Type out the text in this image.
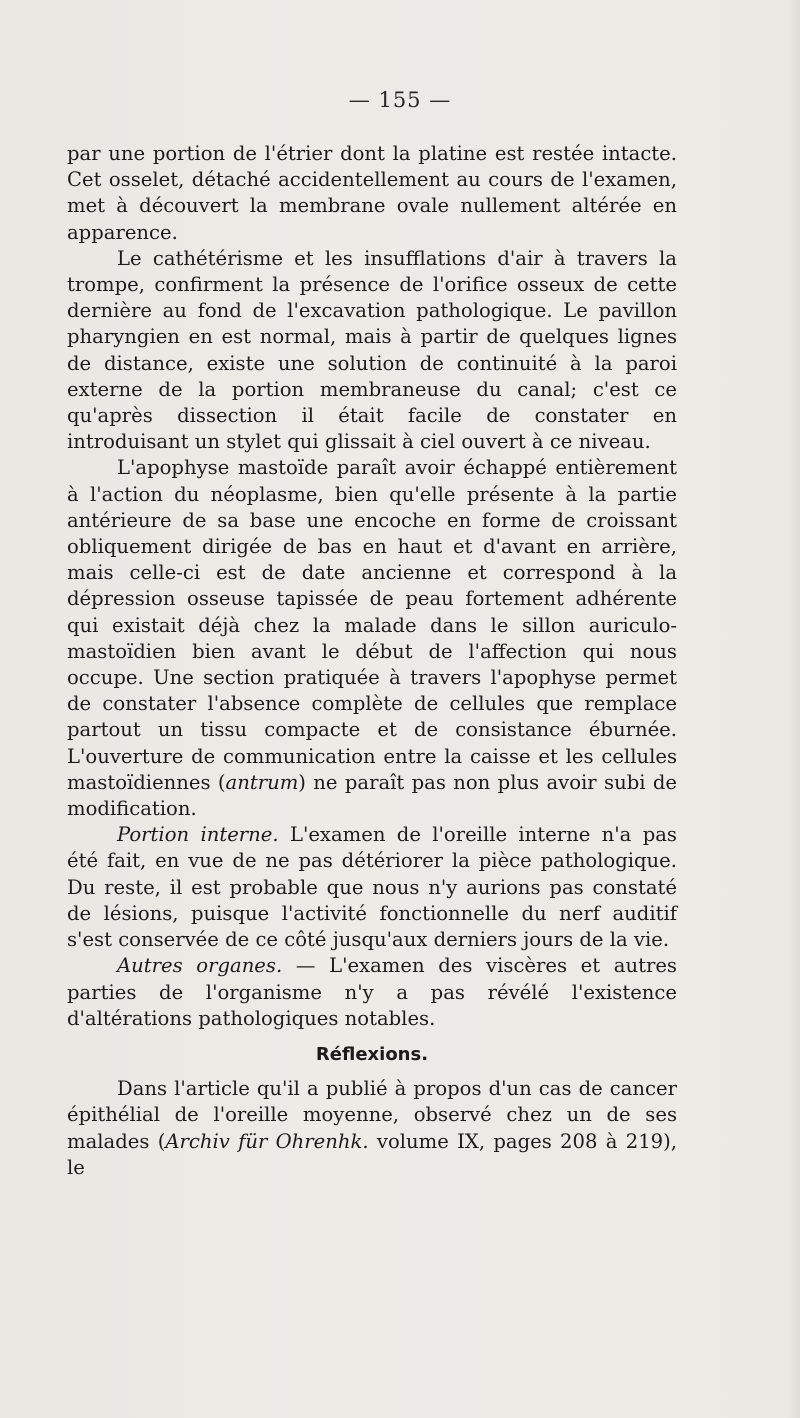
— 155 —

par une portion de l'étrier dont la platine est restée intacte. Cet osselet, détaché accidentellement au cours de l'examen, met à découvert la membrane ovale nullement altérée en apparence.

Le cathétérisme et les insufflations d'air à travers la trompe, confirment la présence de l'orifice osseux de cette dernière au fond de l'excavation pathologique. Le pavillon pharyngien en est normal, mais à partir de quelques lignes de distance, existe une solution de continuité à la paroi externe de la portion membraneuse du canal; c'est ce qu'après dissection il était facile de constater en introduisant un stylet qui glissait à ciel ouvert à ce niveau.

L'apophyse mastoïde paraît avoir échappé entièrement à l'action du néoplasme, bien qu'elle présente à la partie antérieure de sa base une encoche en forme de croissant obliquement dirigée de bas en haut et d'avant en arrière, mais celle-ci est de date ancienne et correspond à la dépression osseuse tapissée de peau fortement adhérente qui existait déjà chez la malade dans le sillon auriculo-mastoïdien bien avant le début de l'affection qui nous occupe. Une section pratiquée à travers l'apophyse permet de constater l'absence complète de cellules que remplace partout un tissu compacte et de consistance éburnée. L'ouverture de communication entre la caisse et les cellules mastoïdiennes (antrum) ne paraît pas non plus avoir subi de modification.

Portion interne. L'examen de l'oreille interne n'a pas été fait, en vue de ne pas détériorer la pièce pathologique. Du reste, il est probable que nous n'y aurions pas constaté de lésions, puisque l'activité fonctionnelle du nerf auditif s'est conservée de ce côté jusqu'aux derniers jours de la vie.

Autres organes. — L'examen des viscères et autres parties de l'organisme n'y a pas révélé l'existence d'altérations pathologiques notables.

Réflexions.

Dans l'article qu'il a publié à propos d'un cas de cancer épithélial de l'oreille moyenne, observé chez un de ses malades (Archiv für Ohrenhk. volume IX, pages 208 à 219), le
